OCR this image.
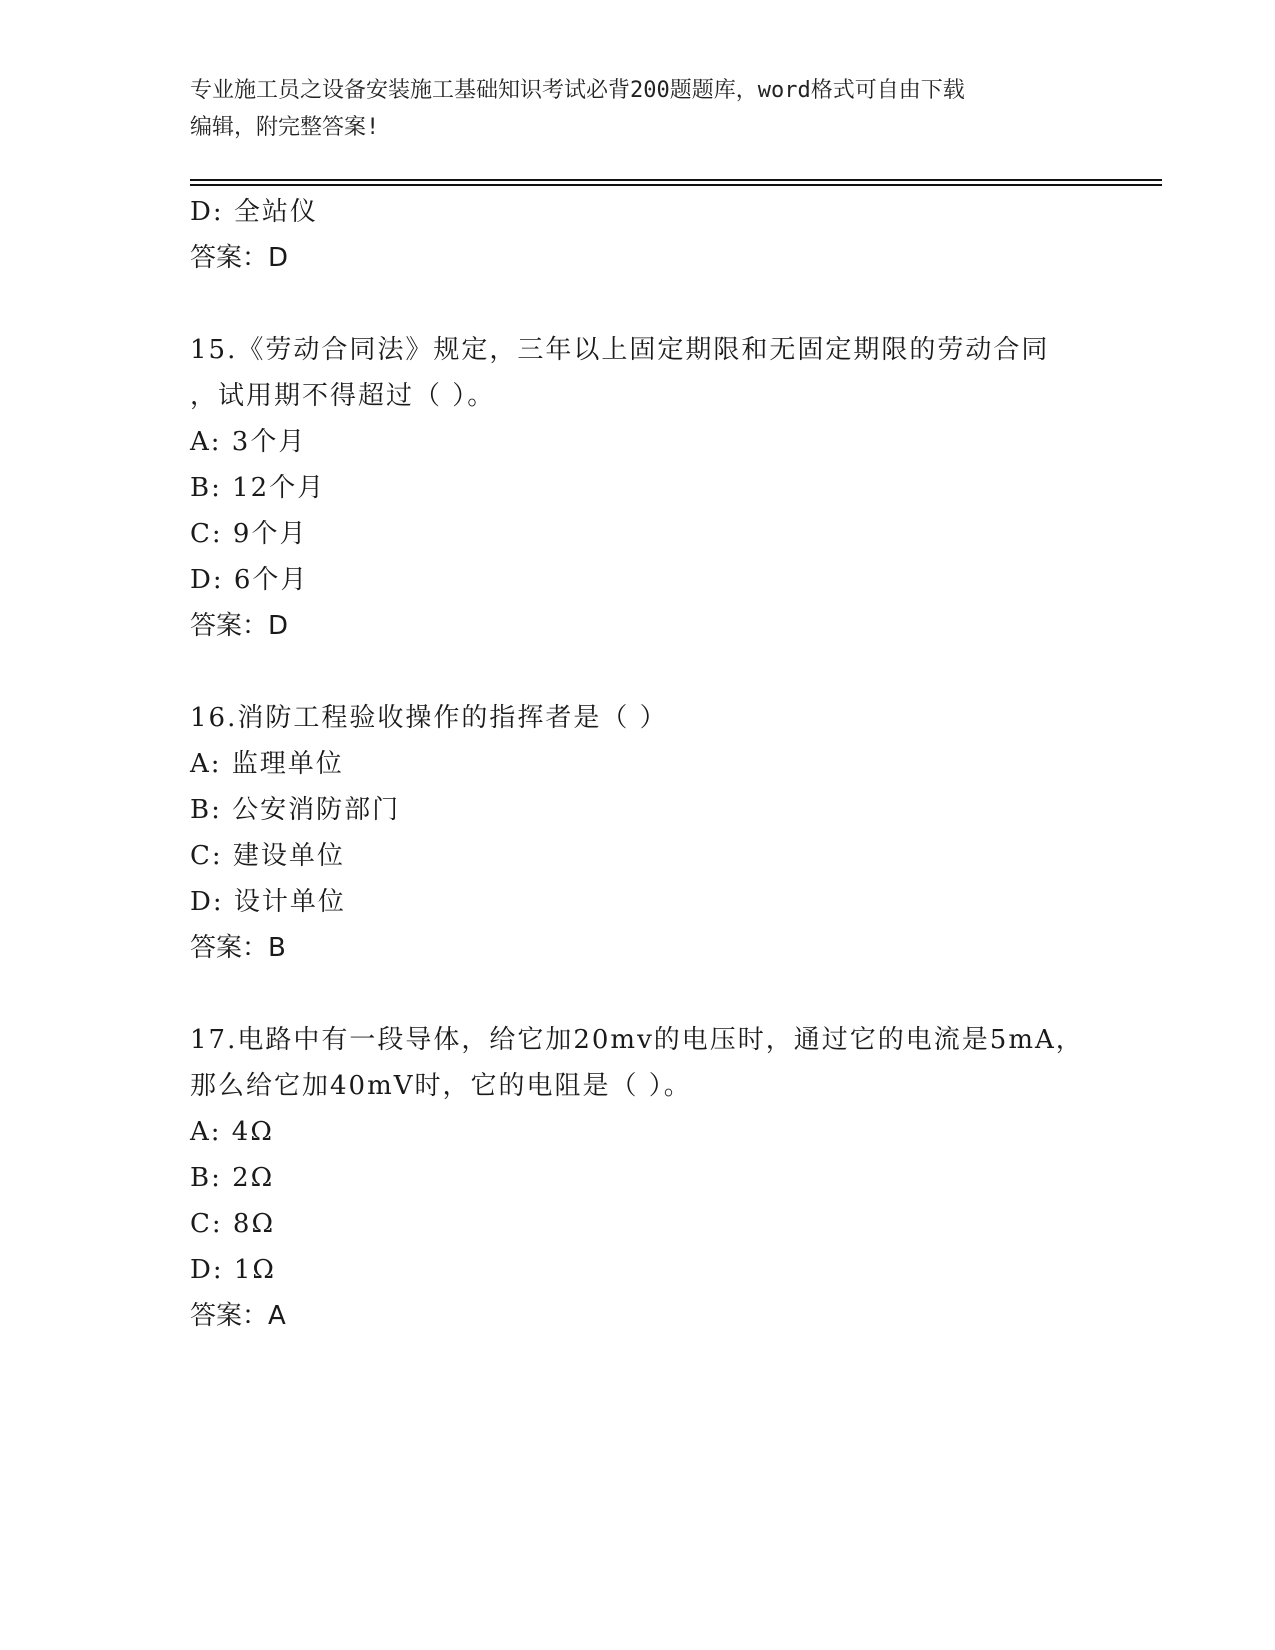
专业施工员之设备安装施工基础知识考试必背200题题库，word格式可自由下载
编辑，附完整答案!
D: 全站仪
答案：D
15.《劳动合同法》规定，三年以上固定期限和无固定期限的劳动合同
，试用期不得超过（ ）。
A: 3个月
B: 12个月
C: 9个月
D: 6个月
答案：D
16.消防工程验收操作的指挥者是（ ）
A: 监理单位
B: 公安消防部门
C: 建设单位
D: 设计单位
答案：B
17.电路中有一段导体，给它加20mv的电压时，通过它的电流是5mA，
那么给它加40mV时，它的电阻是（ ）。
A: 4Ω
B: 2Ω
C: 8Ω
D: 1Ω
答案：A
